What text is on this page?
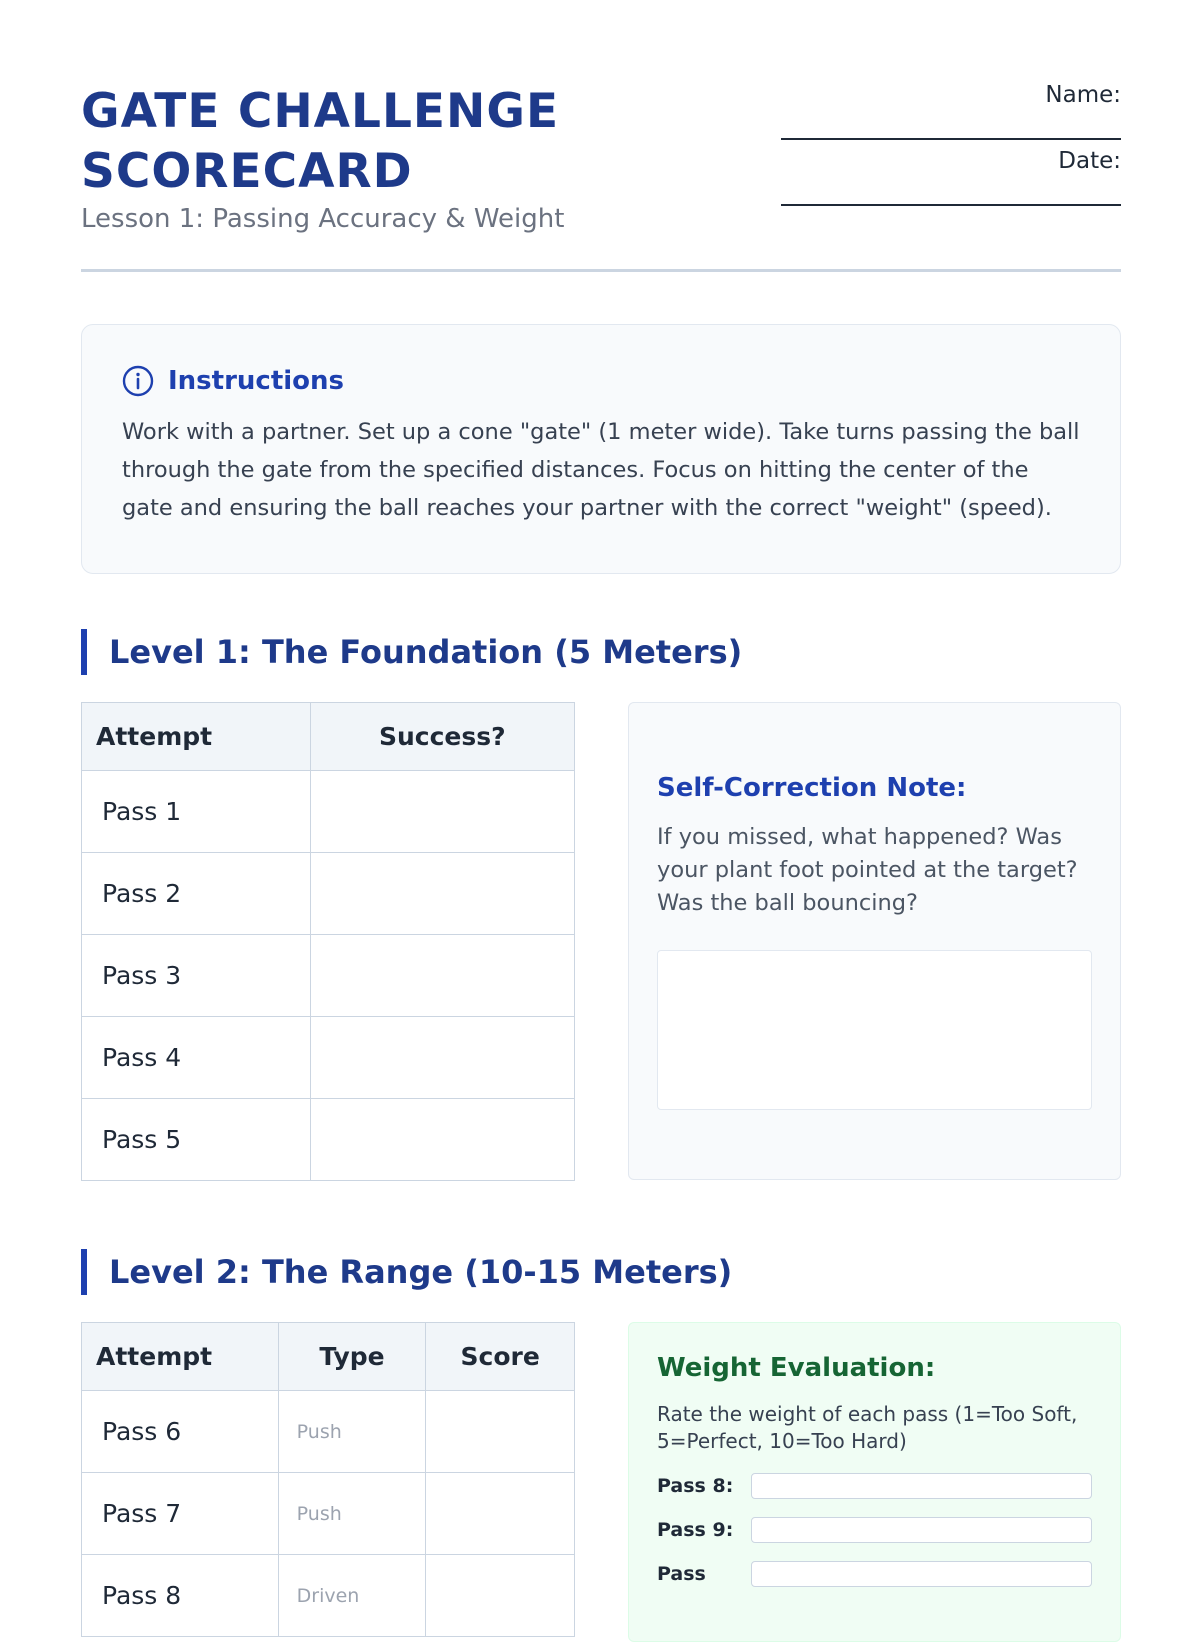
GATE CHALLENGE SCORECARD
Lesson 1: Passing Accuracy & Weight
Name:
Date:
Instructions
Work with a partner. Set up a cone "gate" (1 meter wide). Take turns passing the ball through the gate from the specified distances. Focus on hitting the center of the gate and ensuring the ball reaches your partner with the correct "weight" (speed).
Level 1: The Foundation (5 Meters)
Attempt	Success?
Pass 1	
Pass 2	
Pass 3	
Pass 4	
Pass 5	
Self-Correction Note:
If you missed, what happened? Was your plant foot pointed at the target? Was the ball bouncing?
Level 2: The Range (10-15 Meters)
Attempt	Type	Score
Pass 6	Push	
Pass 7	Push	
Pass 8	Driven	
Weight Evaluation:
Rate the weight of each pass (1=Too Soft, 5=Perfect, 10=Too Hard)
Pass 8:
Pass 9:
Pass
